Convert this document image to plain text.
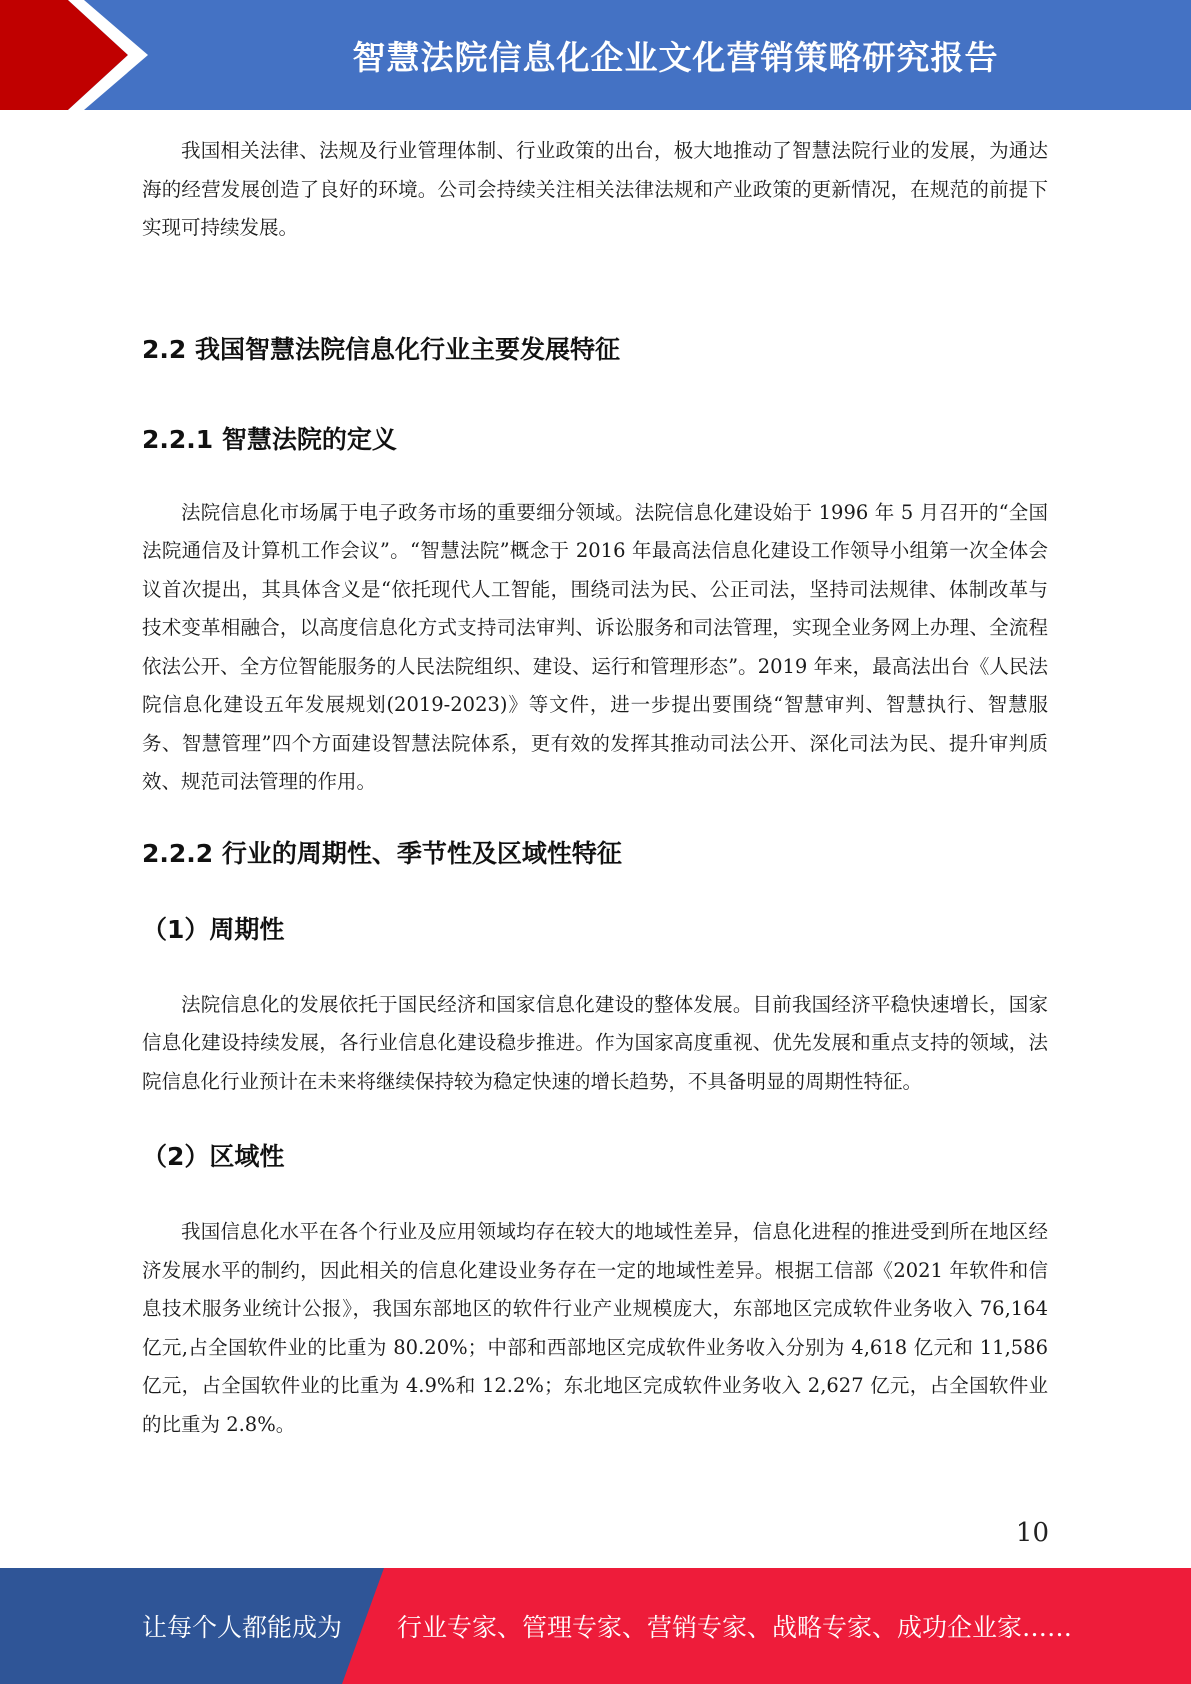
智慧法院信息化企业文化营销策略研究报告

我国相关法律、法规及行业管理体制、行业政策的出台，极大地推动了智慧法院行业的发展，为通达海的经营发展创造了良好的环境。公司会持续关注相关法律法规和产业政策的更新情况，在规范的前提下实现可持续发展。

2.2 我国智慧法院信息化行业主要发展特征
2.2.1 智慧法院的定义

法院信息化市场属于电子政务市场的重要细分领域。法院信息化建设始于 1996 年 5 月召开的“全国法院通信及计算机工作会议”。“智慧法院”概念于 2016 年最高法信息化建设工作领导小组第一次全体会议首次提出，其具体含义是“依托现代人工智能，围绕司法为民、公正司法，坚持司法规律、体制改革与技术变革相融合，以高度信息化方式支持司法审判、诉讼服务和司法管理，实现全业务网上办理、全流程依法公开、全方位智能服务的人民法院组织、建设、运行和管理形态”。2019 年来，最高法出台《人民法院信息化建设五年发展规划(2019-2023)》等文件，进一步提出要围绕“智慧审判、智慧执行、智慧服务、智慧管理”四个方面建设智慧法院体系，更有效的发挥其推动司法公开、深化司法为民、提升审判质效、规范司法管理的作用。

2.2.2 行业的周期性、季节性及区域性特征
（1）周期性

法院信息化的发展依托于国民经济和国家信息化建设的整体发展。目前我国经济平稳快速增长，国家信息化建设持续发展，各行业信息化建设稳步推进。作为国家高度重视、优先发展和重点支持的领域，法院信息化行业预计在未来将继续保持较为稳定快速的增长趋势，不具备明显的周期性特征。

（2）区域性

我国信息化水平在各个行业及应用领域均存在较大的地域性差异，信息化进程的推进受到所在地区经济发展水平的制约，因此相关的信息化建设业务存在一定的地域性差异。根据工信部《2021 年软件和信息技术服务业统计公报》，我国东部地区的软件行业产业规模庞大，东部地区完成软件业务收入 76,164 亿元,占全国软件业的比重为 80.20%；中部和西部地区完成软件业务收入分别为 4,618 亿元和 11,586 亿元，占全国软件业的比重为 4.9%和 12.2%；东北地区完成软件业务收入 2,627 亿元，占全国软件业的比重为 2.8%。

10
让每个人都能成为 行业专家、管理专家、营销专家、战略专家、成功企业家……
